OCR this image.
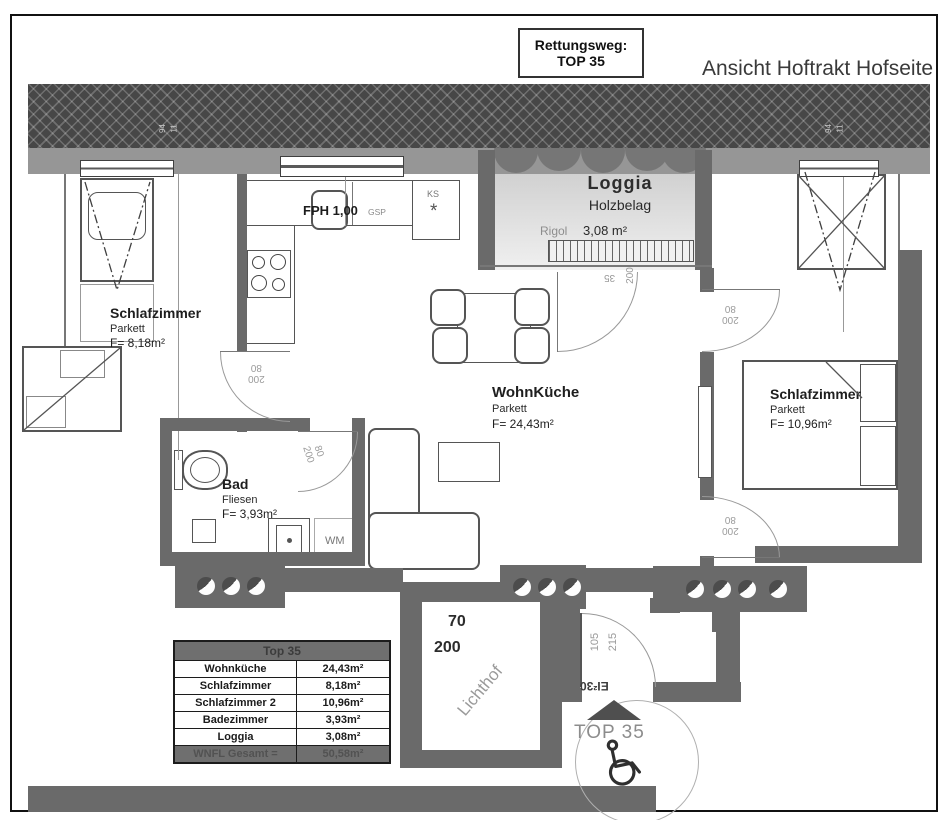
Rettungsweg:
TOP 35	Ansicht Hoftrakt Hofseite
Loggia
Holzbelag
Rigol 3,08 m²
200
35
FPH 1,00 GSP
KS
*
Schlafzimmer
Parkett
F= 8,18m²
200
80
80
200
WM
Bad
Fliesen
F= 3,93m²
WohnKüche
Parkett
F= 24,43m²
200
80
200
80
Schlafzimmer
Parkett
F= 10,96m²
70
200
Lichthof
105 215
EI²30
TOP 35
94 11	94 11
Top 35
Wohnküche	24,43m²
Schlafzimmer	8,18m²
Schlafzimmer 2	10,96m²
Badezimmer	3,93m²
Loggia	3,08m²
WNFL Gesamt =	50,58m²
